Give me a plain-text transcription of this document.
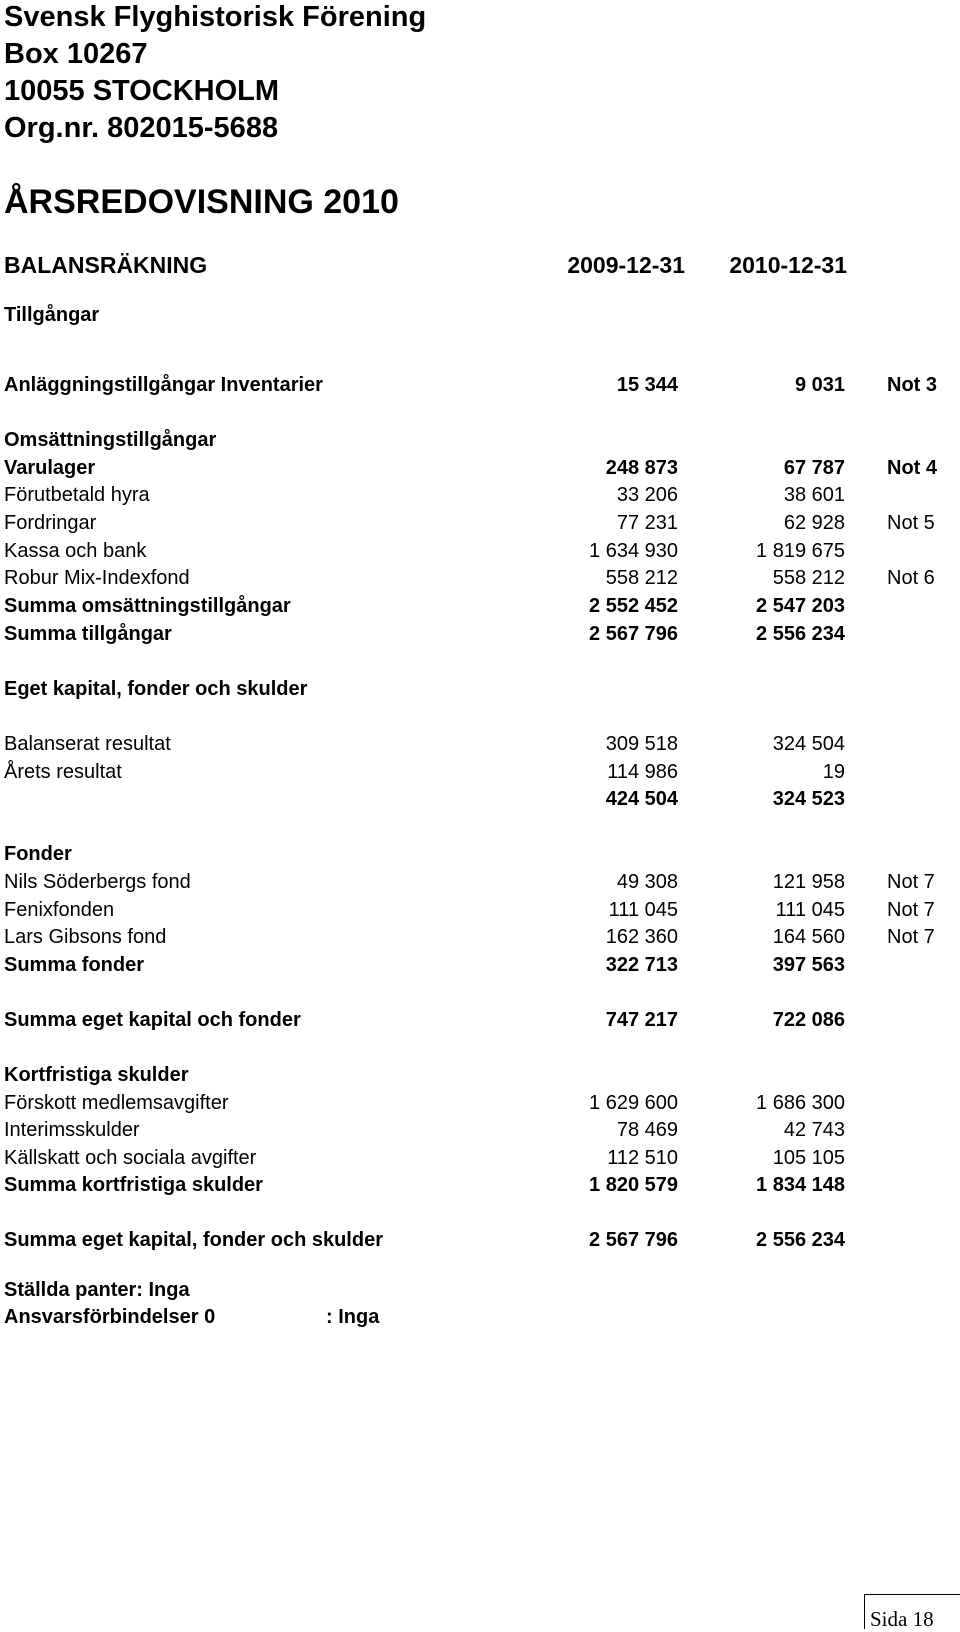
Svensk Flyghistorisk Förening
Box 10267
10055 STOCKHOLM
Org.nr. 802015-5688
ÅRSREDOVISNING 2010
BALANSRÄKNING	2009-12-31 2010-12-31
Tillgångar
Anläggningstillgångar Inventarier	15 344	9 031 Not 3
Omsättningstillgångar
Varulager	248 873	67 787 Not 4
Förutbetald hyra	33 206	38 601
Fordringar	77 231	62 928 Not 5
Kassa och bank	1 634 930	1 819 675
Robur Mix-Indexfond	558 212	558 212 Not 6
Summa omsättningstillgångar	2 552 452	2 547 203
Summa tillgångar	2 567 796	2 556 234
Eget kapital, fonder och skulder
Balanserat resultat	309 518	324 504
Årets resultat	114 986	19
424 504	324 523
Fonder
Nils Söderbergs fond	49 308	121 958 Not 7
Fenixfonden	111 045	111 045 Not 7
Lars Gibsons fond	162 360	164 560 Not 7
Summa fonder	322 713	397 563
Summa eget kapital och fonder	747 217	722 086
Kortfristiga skulder
Förskott medlemsavgifter	1 629 600	1 686 300
Interimsskulder	78 469	42 743
Källskatt och sociala avgifter	112 510	105 105
Summa kortfristiga skulder	1 820 579	1 834 148
Summa eget kapital, fonder och skulder	2 567 796	2 556 234
Ställda panter: Inga
Ansvarsförbindelser 0	: Inga
Sida 18
